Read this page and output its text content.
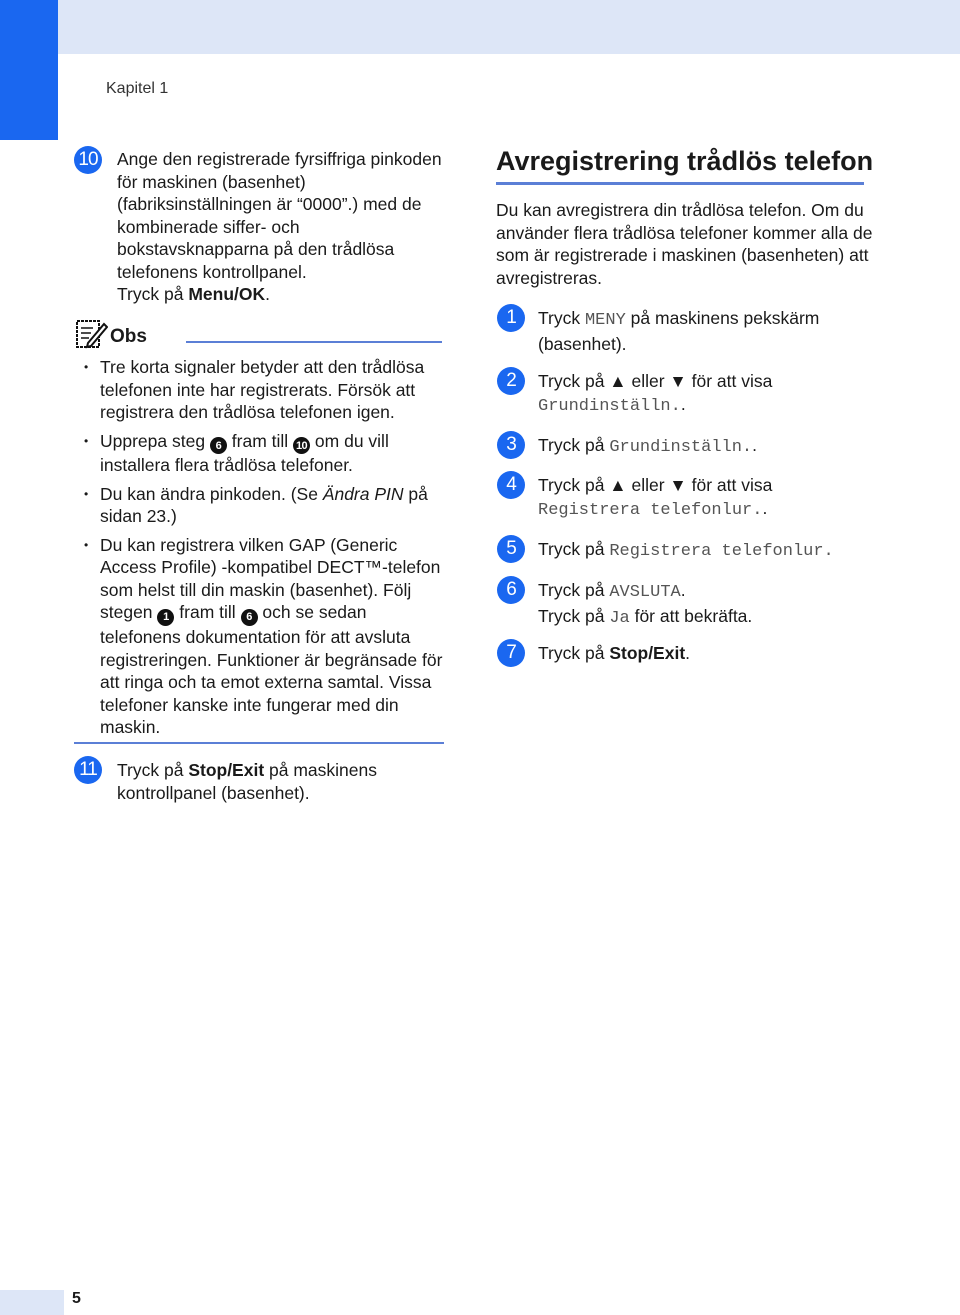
Kapitel 1
10 Ange den registrerade fyrsiffriga pinkoden för maskinen (basenhet) (fabriksinställningen är “0000”.) med de kombinerade siffer- och bokstavsknapparna på den trådlösa telefonens kontrollpanel.
Tryck på Menu/OK.
Obs
• Tre korta signaler betyder att den trådlösa telefonen inte har registrerats. Försök att registrera den trådlösa telefonen igen.
• Upprepa steg 6 fram till 10 om du vill installera flera trådlösa telefoner.
• Du kan ändra pinkoden. (Se Ändra PIN på sidan 23.)
• Du kan registrera vilken GAP (Generic Access Profile) -kompatibel DECT™-telefon som helst till din maskin (basenhet). Följ stegen 1 fram till 6 och se sedan telefonens dokumentation för att avsluta registreringen. Funktioner är begränsade för att ringa och ta emot externa samtal. Vissa telefoner kanske inte fungerar med din maskin.
11 Tryck på Stop/Exit på maskinens kontrollpanel (basenhet).
Avregistrering trådlös telefon
Du kan avregistrera din trådlösa telefon. Om du använder flera trådlösa telefoner kommer alla de som är registrerade i maskinen (basenheten) att avregistreras.
1	Tryck MENY på maskinens pekskärm (basenhet).
2	Tryck på ▲ eller ▼ för att visa Grundinställn..
3	Tryck på Grundinställn..
4	Tryck på ▲ eller ▼ för att visa Registrera telefonlur..
5	Tryck på Registrera telefonlur.
6	Tryck på AVSLUTA.
Tryck på Ja för att bekräfta.
7	Tryck på Stop/Exit.
5
